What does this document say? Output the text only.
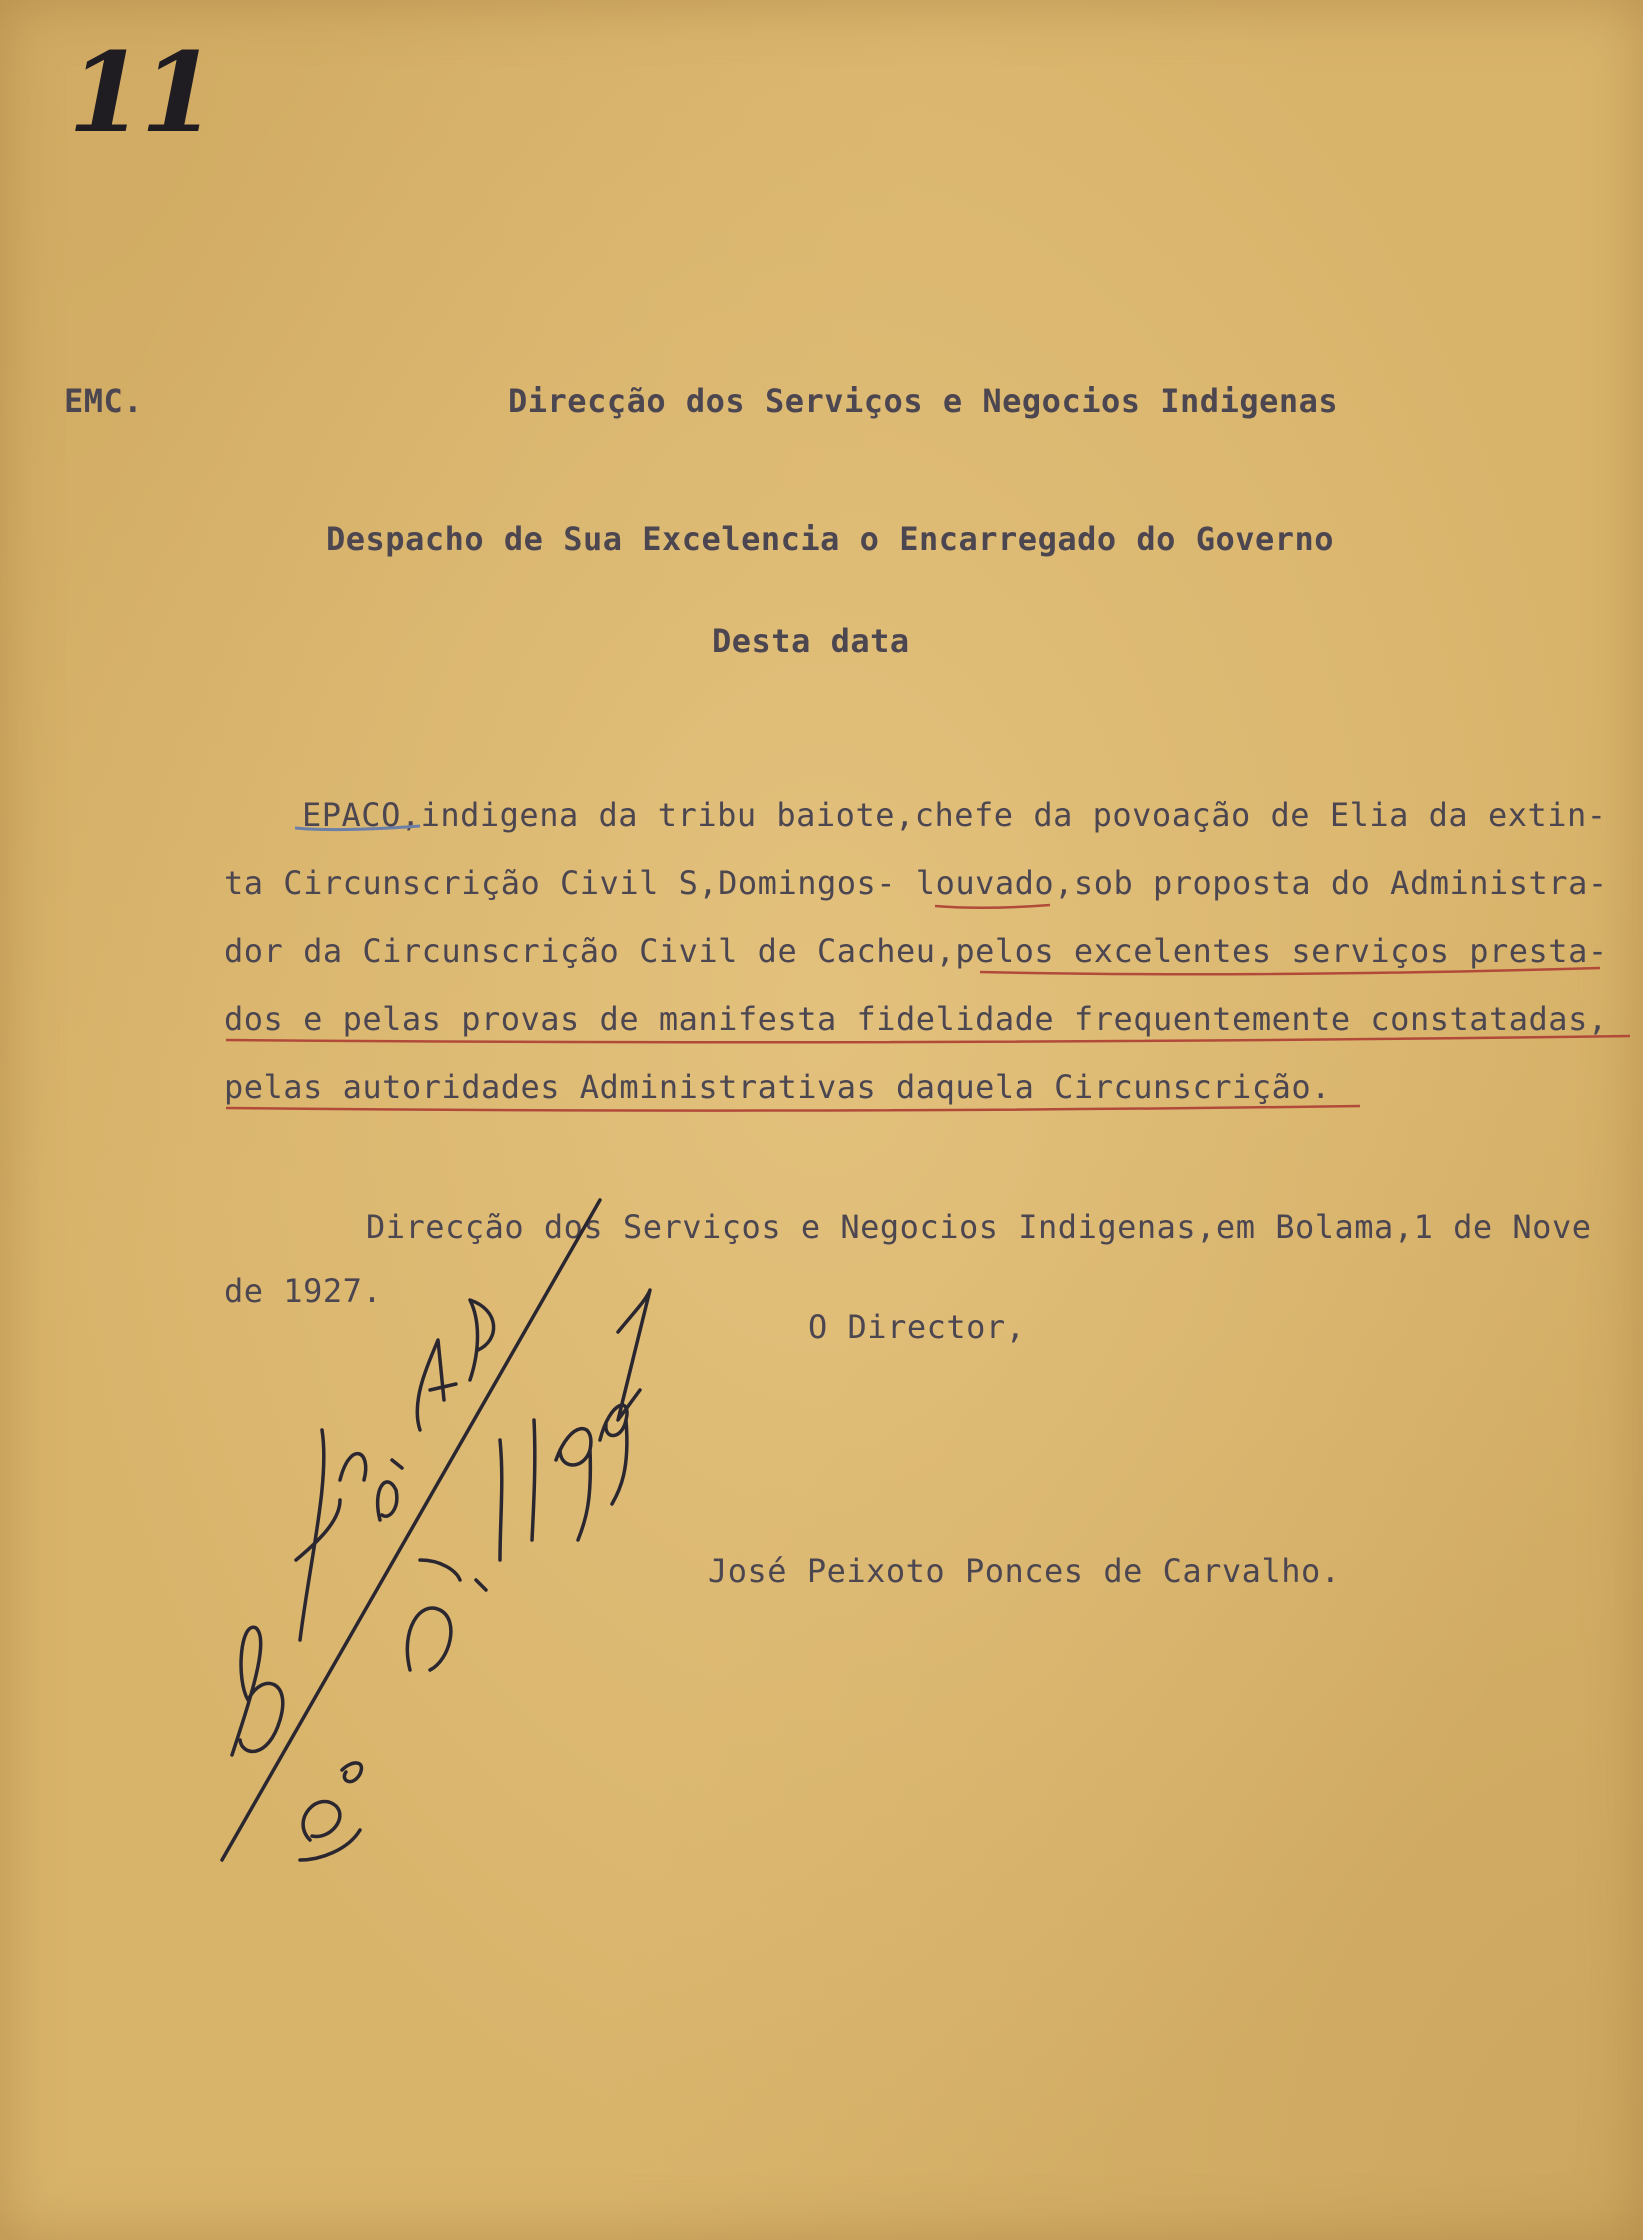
11
EMC.	Direcção dos Serviços e Negocios Indigenas
Despacho de Sua Excelencia o Encarregado do Governo
Desta data
EPACO,indigena da tribu baiote,chefe da povoação de Elia da extin-
ta Circunscrição Civil S,Domingos- louvado,sob proposta do Administra-
dor da Circunscrição Civil de Cacheu,pelos excelentes serviços presta-
dos e pelas provas de manifesta fidelidade frequentemente constatadas,
pelas autoridades Administrativas daquela Circunscrição.
Direcção dos Serviços e Negocios Indigenas,em Bolama,1 de Nove
de 1927.
O Director,
José Peixoto Ponces de Carvalho.
